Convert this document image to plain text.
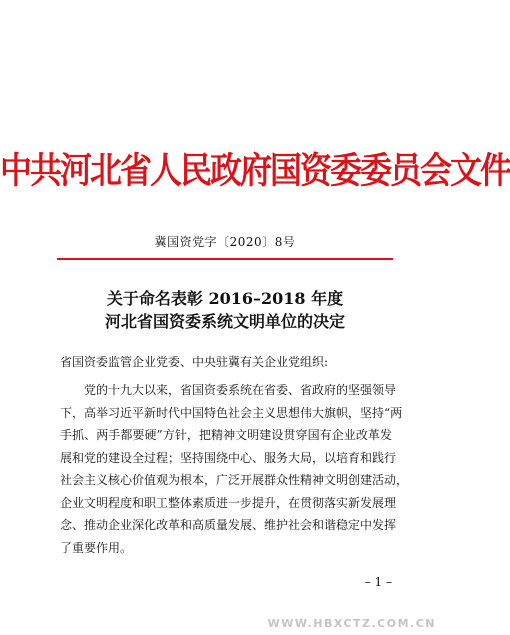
中共河北省人民政府国资委委员会文件
冀国资党字〔2020〕8号
关于命名表彰 2016–2018 年度
河北省国资委系统文明单位的决定
省国资委监管企业党委、中央驻冀有关企业党组织:
党的十九大以来，省国资委系统在省委、省政府的坚强领导
下，高举习近平新时代中国特色社会主义思想伟大旗帜，坚持“两
手抓、两手都要硬”方针，把精神文明建设贯穿国有企业改革发
展和党的建设全过程；坚持围绕中心、服务大局，以培育和践行
社会主义核心价值观为根本，广泛开展群众性精神文明创建活动，
企业文明程度和职工整体素质进一步提升，在贯彻落实新发展理
念、推动企业深化改革和高质量发展、维护社会和谐稳定中发挥
了重要作用。
– 1 –
WWW.HBXCTZ.COM.CN
